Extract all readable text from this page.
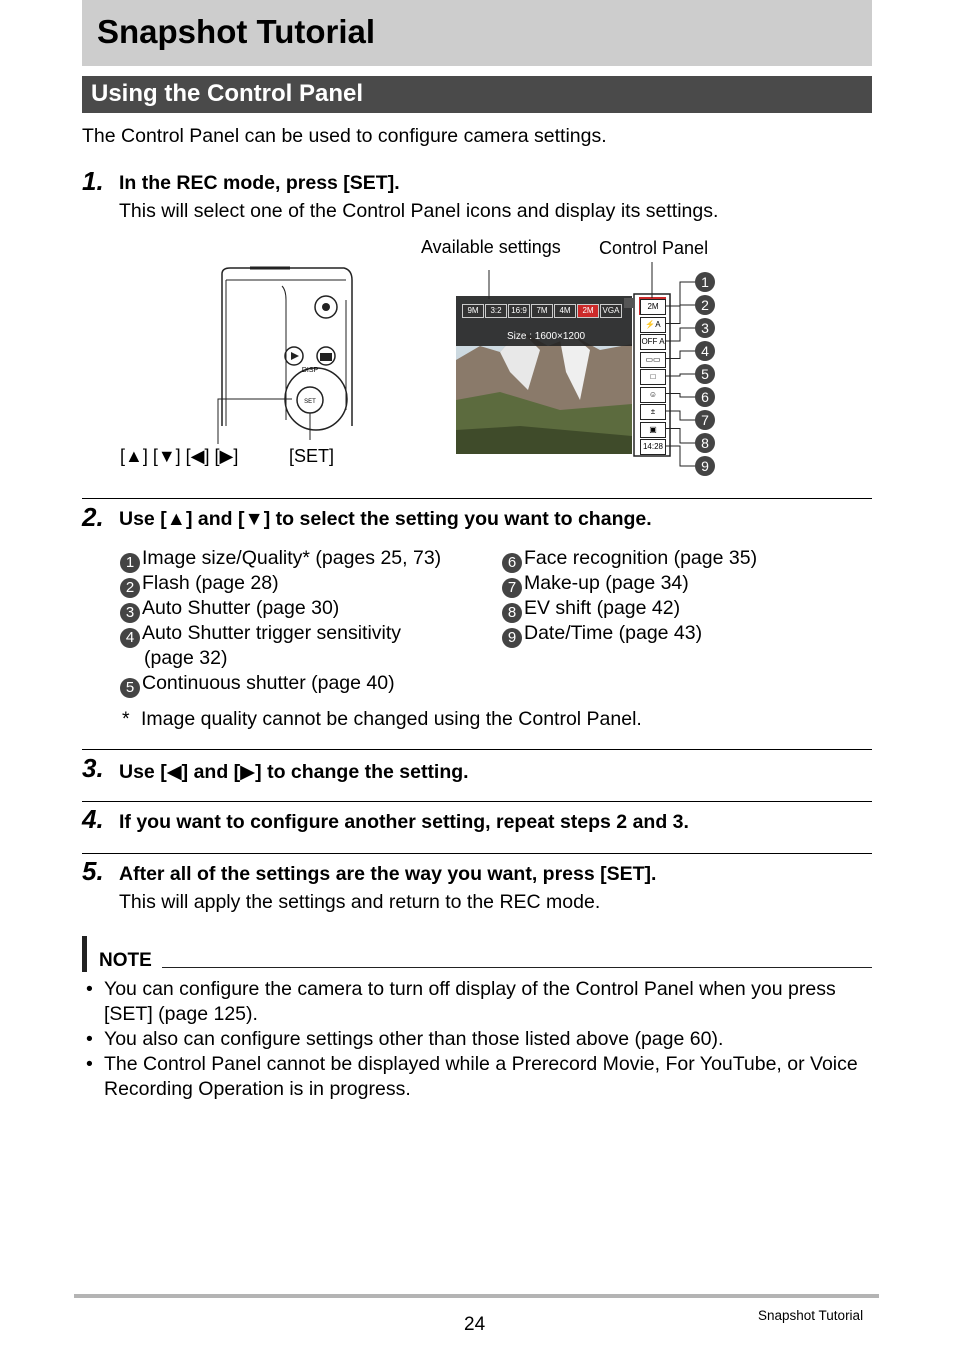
Snapshot Tutorial
Using the Control Panel
The Control Panel can be used to configure camera settings.
1. In the REC mode, press [SET].
This will select one of the Control Panel icons and display its settings.
Available settings Control Panel
[▲] [▼] [◀] [▶]	[SET]
SET
DISP
Size : 1600×1200
9M	3:2	16:9	7M	4M	2M	VGA	2M
⚡A
OFF A
▭▭
□
☺
±
▣
14:28
1
2
3
4
5
6
7
8
9
2. Use [▲] and [▼] to select the setting you want to change.
1 Image size/Quality* (pages 25, 73)
2 Flash (page 28)
3 Auto Shutter (page 30)
4 Auto Shutter trigger sensitivity
(page 32)
5 Continuous shutter (page 40)
6 Face recognition (page 35)
7 Make-up (page 34)
8 EV shift (page 42)
9 Date/Time (page 43)
* Image quality cannot be changed using the Control Panel.
3. Use [◀] and [▶] to change the setting.
4. If you want to configure another setting, repeat steps 2 and 3.
5. After all of the settings are the way you want, press [SET].
This will apply the settings and return to the REC mode.
NOTE
• You can configure the camera to turn off display of the Control Panel when you press [SET] (page 125).
• You also can configure settings other than those listed above (page 60).
• The Control Panel cannot be displayed while a Prerecord Movie, For YouTube, or Voice Recording Operation is in progress.
24	Snapshot Tutorial
